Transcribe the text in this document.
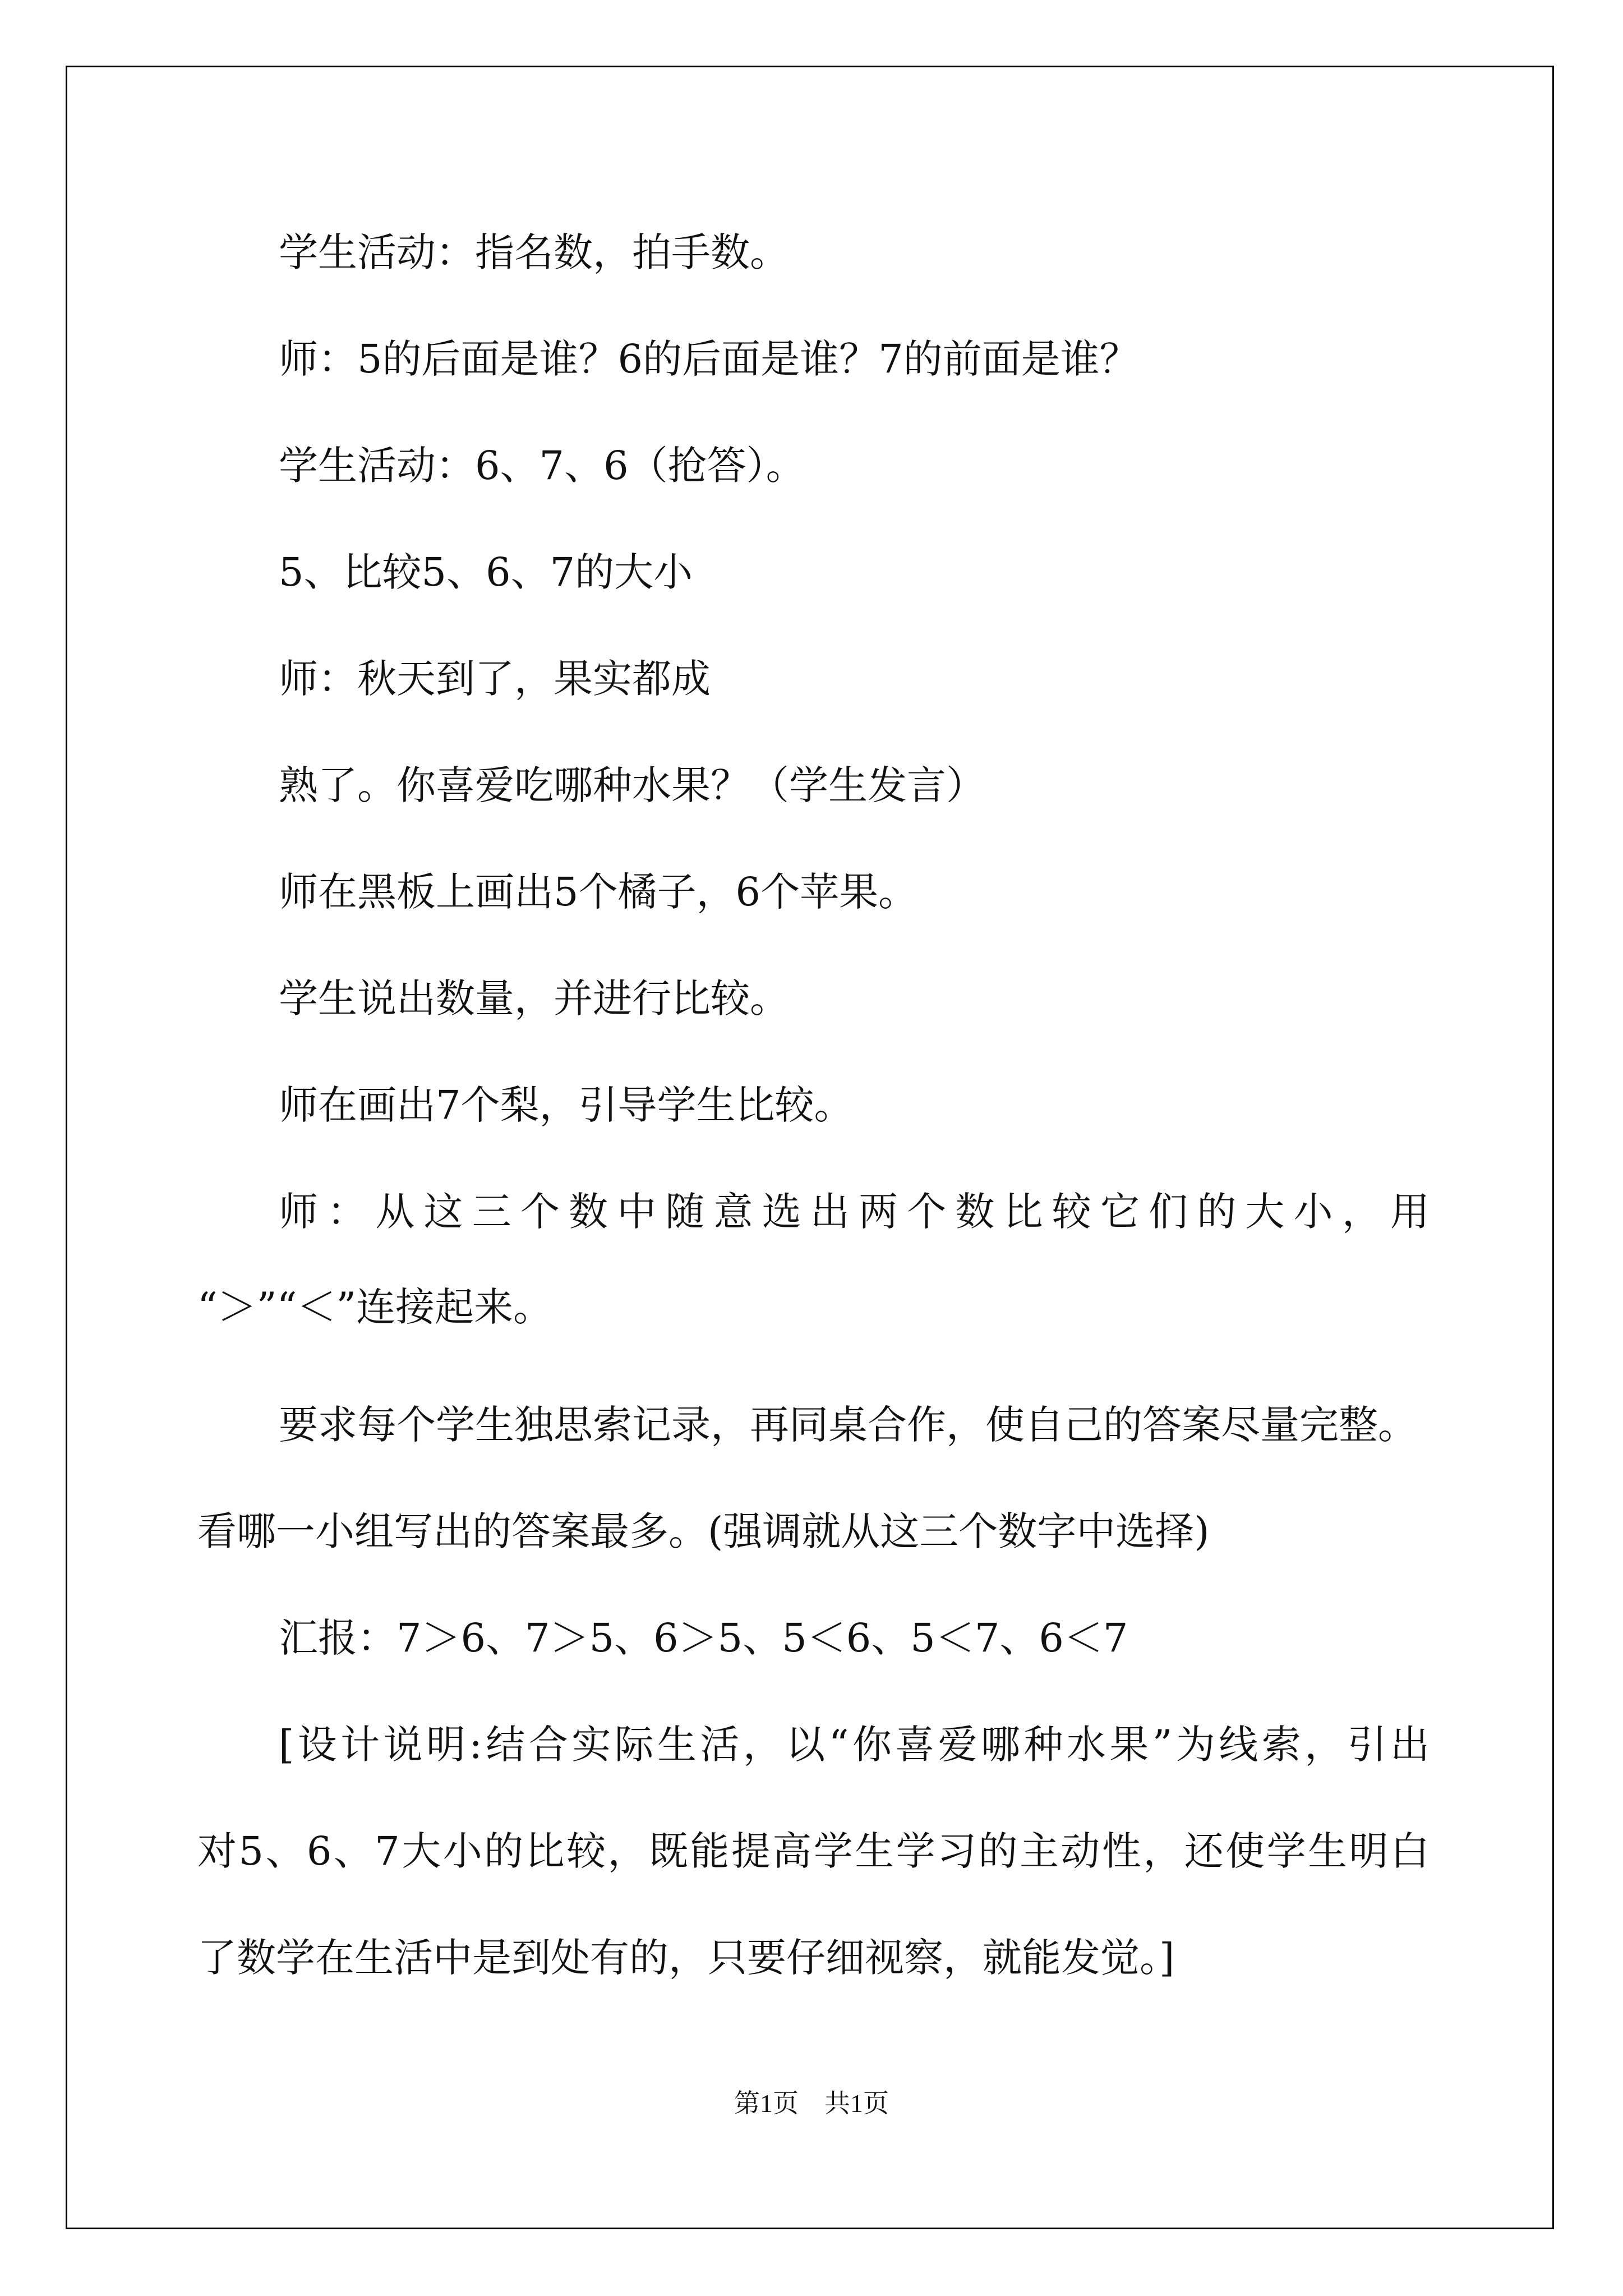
学生活动：指名数，拍手数。

师：5的后面是谁？6的后面是谁？7的前面是谁？

学生活动：6、7、6（抢答）。

5、比较5、6、7的大小

师：秋天到了，果实都成

熟了。你喜爱吃哪种水果？（学生发言）

师在黑板上画出5个橘子，6个苹果。

学生说出数量，并进行比较。

师在画出7个梨，引导学生比较。

师：从这三个数中随意选出两个数比较它们的大小，用

“＞”“＜”连接起来。

要求每个学生独思索记录，再同桌合作，使自己的答案尽量完整。

看哪一小组写出的答案最多。(强调就从这三个数字中选择)

汇报：7＞6、7＞5、6＞5、5＜6、5＜7、6＜7

[设计说明:结合实际生活，以“你喜爱哪种水果”为线索，引出

对5、6、7大小的比较，既能提高学生学习的主动性，还使学生明白

了数学在生活中是到处有的，只要仔细视察，就能发觉。]

第1页　共1页
